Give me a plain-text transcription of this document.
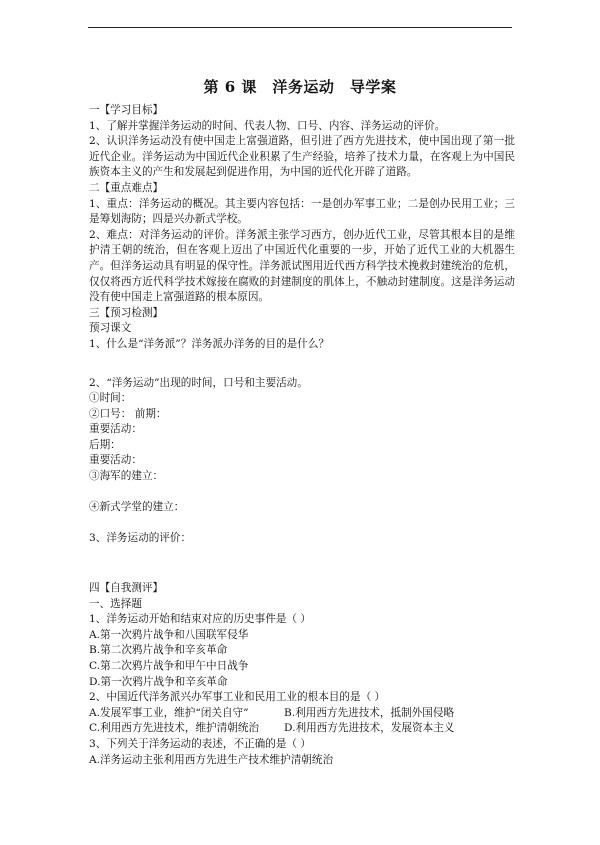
第 6 课　洋务运动　导学案
一【学习目标】
1、了解并掌握洋务运动的时间、代表人物、口号、内容、洋务运动的评价。
2、认识洋务运动没有使中国走上富强道路，但引进了西方先进技术，使中国出现了第一批近代企业。洋务运动为中国近代企业积累了生产经验，培养了技术力量，在客观上为中国民族资本主义的产生和发展起到促进作用，为中国的近代化开辟了道路。
二【重点难点】
1、重点：洋务运动的概况。其主要内容包括：一是创办军事工业；二是创办民用工业；三是筹划海防；四是兴办新式学校。
2、难点：对洋务运动的评价。洋务派主张学习西方，创办近代工业，尽管其根本目的是维护清王朝的统治，但在客观上迈出了中国近代化重要的一步，开始了近代工业的大机器生产。但洋务运动具有明显的保守性。洋务派试图用近代西方科学技术挽救封建统治的危机，仅仅将西方近代科学技术嫁接在腐败的封建制度的肌体上，不触动封建制度。这是洋务运动没有使中国走上富强道路的根本原因。
三【预习检测】
预习课文
1、什么是“洋务派”？洋务派办洋务的目的是什么？
2、“洋务运动”出现的时间，口号和主要活动。
①时间：
②口号： 前期：
重要活动：
后期：
重要活动：
③海军的建立：
④新式学堂的建立：
3、洋务运动的评价：
四【自我测评】
一、选择题
1、洋务运动开始和结束对应的历史事件是（ ）
A.第一次鸦片战争和八国联军侵华
B.第二次鸦片战争和辛亥革命
C.第二次鸦片战争和甲午中日战争
D.第一次鸦片战争和辛亥革命
2、中国近代洋务派兴办军事工业和民用工业的根本目的是（ ）
A.发展军事工业，维护“闭关自守”	B.利用西方先进技术，抵制外国侵略
C.利用西方先进技术，维护清朝统治 D.利用西方先进技术，发展资本主义
3、下列关于洋务运动的表述，不正确的是（ ）
A.洋务运动主张利用西方先进生产技术维护清朝统治
